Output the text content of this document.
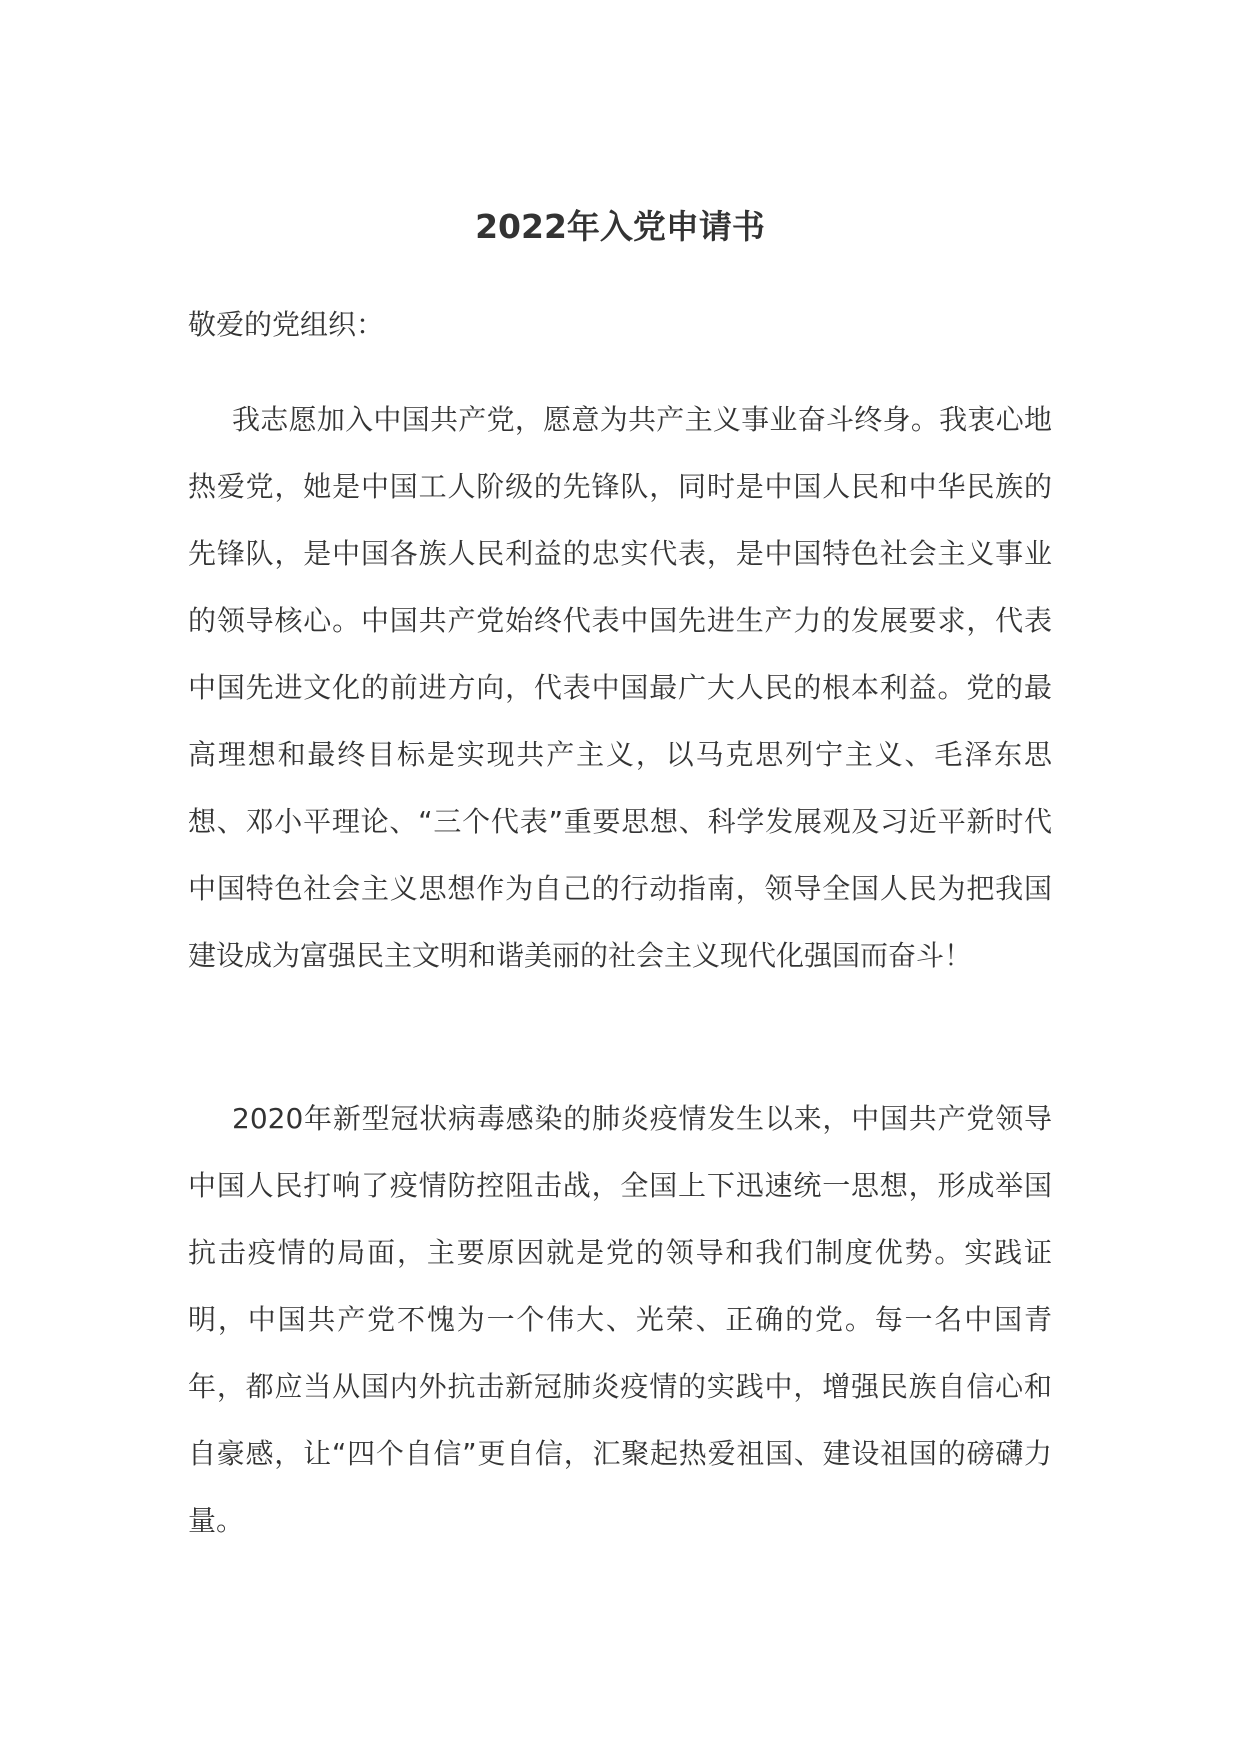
2022年入党申请书

敬爱的党组织：

我志愿加入中国共产党，愿意为共产主义事业奋斗终身。我衷心地热爱党，她是中国工人阶级的先锋队，同时是中国人民和中华民族的先锋队，是中国各族人民利益的忠实代表，是中国特色社会主义事业的领导核心。中国共产党始终代表中国先进生产力的发展要求，代表中国先进文化的前进方向，代表中国最广大人民的根本利益。党的最高理想和最终目标是实现共产主义，以马克思列宁主义、毛泽东思想、邓小平理论、“三个代表”重要思想、科学发展观及习近平新时代中国特色社会主义思想作为自己的行动指南，领导全国人民为把我国建设成为富强民主文明和谐美丽的社会主义现代化强国而奋斗！

2020年新型冠状病毒感染的肺炎疫情发生以来，中国共产党领导中国人民打响了疫情防控阻击战，全国上下迅速统一思想，形成举国抗击疫情的局面，主要原因就是党的领导和我们制度优势。实践证明，中国共产党不愧为一个伟大、光荣、正确的党。每一名中国青年，都应当从国内外抗击新冠肺炎疫情的实践中，增强民族自信心和自豪感，让“四个自信”更自信，汇聚起热爱祖国、建设祖国的磅礴力量。
